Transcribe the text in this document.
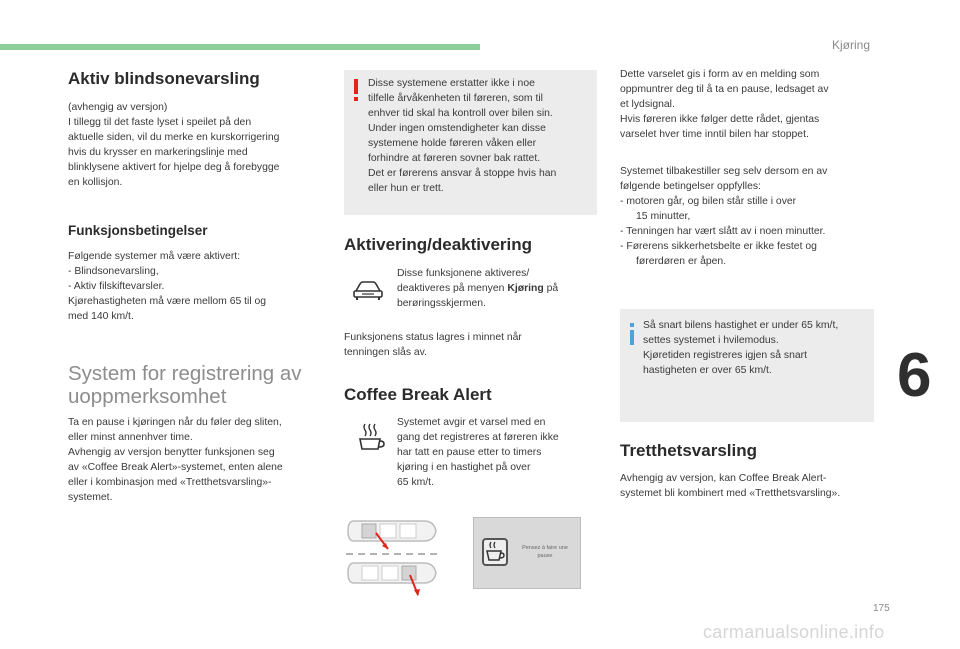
Kjøring
6
175
carmanualsonline.info
Aktiv blindsonevarsling
(avhengig av versjon)
I tillegg til det faste lyset i speilet på den
aktuelle siden, vil du merke en kurskorrigering
hvis du krysser en markeringslinje med
blinklysene aktivert for hjelpe deg å forebygge
en kollisjon.
Funksjonsbetingelser
Følgende systemer må være aktivert:
- Blindsonevarsling,
- Aktiv filskiftevarsler.
Kjørehastigheten må være mellom 65 til og
med 140 km/t.
System for registrering av
uoppmerksomhet
Ta en pause i kjøringen når du føler deg sliten,
eller minst annenhver time.
Avhengig av versjon benytter funksjonen seg
av «Coffee Break Alert»-systemet, enten alene
eller i kombinasjon med «Tretthetsvarsling»-
systemet.
Disse systemene erstatter ikke i noe
tilfelle årvåkenheten til føreren, som til
enhver tid skal ha kontroll over bilen sin.
Under ingen omstendigheter kan disse
systemene holde føreren våken eller
forhindre at føreren sovner bak rattet.
Det er førerens ansvar å stoppe hvis han
eller hun er trett.
Aktivering/deaktivering
Disse funksjonene aktiveres/
deaktiveres på menyen Kjøring på
berøringsskjermen.
Funksjonens status lagres i minnet når
tenningen slås av.
Coffee Break Alert
Systemet avgir et varsel med en
gang det registreres at føreren ikke
har tatt en pause etter to timers
kjøring i en hastighet på over
65 km/t.
Pensez à faire une
pause
Dette varselet gis i form av en melding som
oppmuntrer deg til å ta en pause, ledsaget av
et lydsignal.
Hvis føreren ikke følger dette rådet, gjentas
varselet hver time inntil bilen har stoppet.
Systemet tilbakestiller seg selv dersom en av
følgende betingelser oppfylles:
- motoren går, og bilen står stille i over
15 minutter,
- Tenningen har vært slått av i noen minutter.
- Førerens sikkerhetsbelte er ikke festet og
førerdøren er åpen.
Så snart bilens hastighet er under 65 km/t,
settes systemet i hvilemodus.
Kjøretiden registreres igjen så snart
hastigheten er over 65 km/t.
Tretthetsvarsling
Avhengig av versjon, kan Coffee Break Alert-
systemet bli kombinert med «Tretthetsvarsling».
